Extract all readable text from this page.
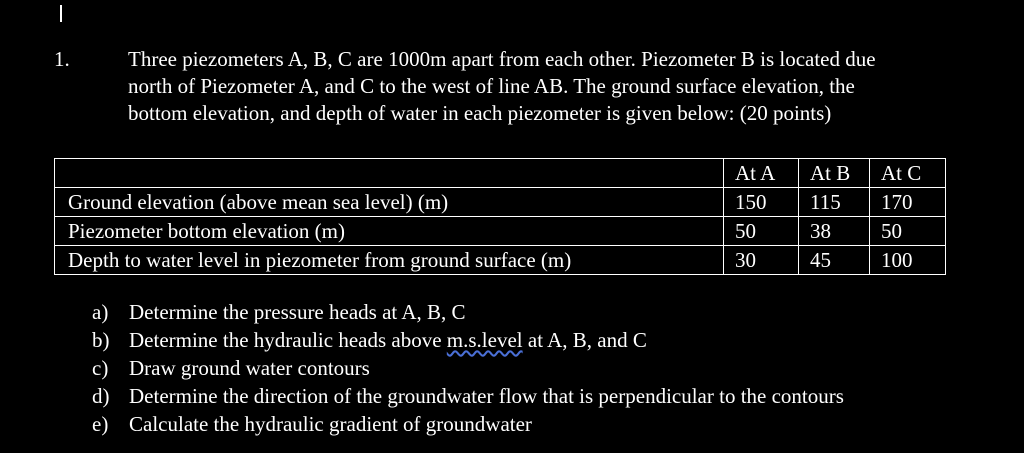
1.	Three piezometers A, B, C are 1000m apart from each other. Piezometer B is located due
north of Piezometer A, and C to the west of line AB. The ground surface elevation, the
bottom elevation, and depth of water in each piezometer is given below: (20 points)
	At A	At B	At C
Ground elevation (above mean sea level) (m)	150	115	170
Piezometer bottom elevation (m)	50	38	50
Depth to water level in piezometer from ground surface (m)	30	45	100
a) Determine the pressure heads at A, B, C
b) Determine the hydraulic heads above m.s.level at A, B, and C
c) Draw ground water contours
d) Determine the direction of the groundwater flow that is perpendicular to the contours
e) Calculate the hydraulic gradient of groundwater
